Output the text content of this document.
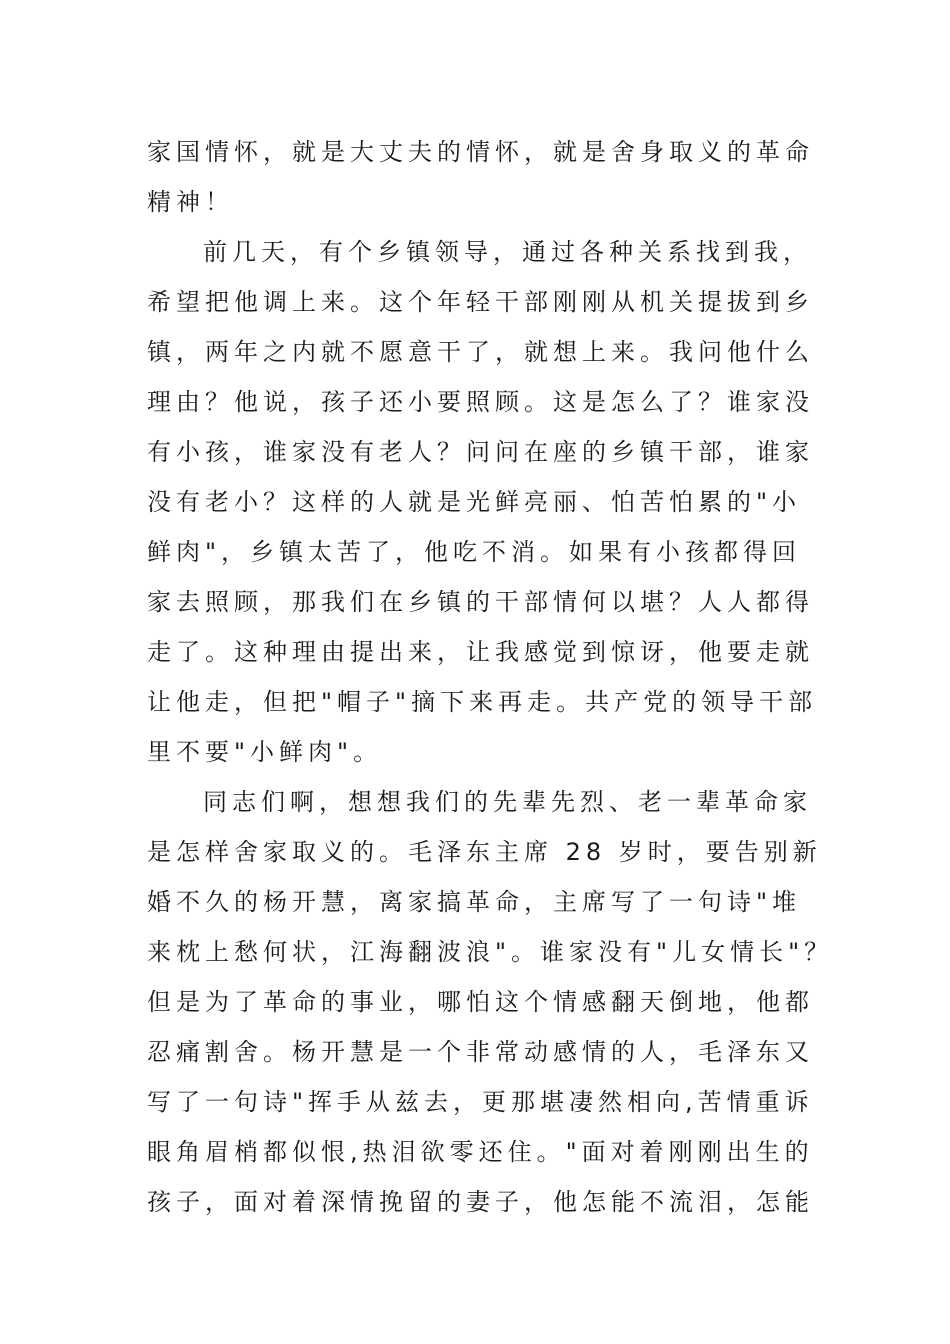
家国情怀，就是大丈夫的情怀，就是舍身取义的革命
精神！
前几天，有个乡镇领导，通过各种关系找到我，
希望把他调上来。这个年轻干部刚刚从机关提拔到乡
镇，两年之内就不愿意干了，就想上来。我问他什么
理由？他说，孩子还小要照顾。这是怎么了？谁家没
有小孩，谁家没有老人？问问在座的乡镇干部，谁家
没有老小？这样的人就是光鲜亮丽、怕苦怕累的"小
鲜肉"，乡镇太苦了，他吃不消。如果有小孩都得回
家去照顾，那我们在乡镇的干部情何以堪？人人都得
走了。这种理由提出来，让我感觉到惊讶，他要走就
让他走，但把"帽子"摘下来再走。共产党的领导干部
里不要"小鲜肉"。
同志们啊，想想我们的先辈先烈、老一辈革命家
是怎样舍家取义的。毛泽东主席 28 岁时，要告别新
婚不久的杨开慧，离家搞革命，主席写了一句诗"堆
来枕上愁何状，江海翻波浪"。谁家没有"儿女情长"？
但是为了革命的事业，哪怕这个情感翻天倒地，他都
忍痛割舍。杨开慧是一个非常动感情的人，毛泽东又
写了一句诗"挥手从兹去，更那堪凄然相向,苦情重诉
眼角眉梢都似恨,热泪欲零还住。"面对着刚刚出生的
孩子，面对着深情挽留的妻子，他怎能不流泪，怎能
